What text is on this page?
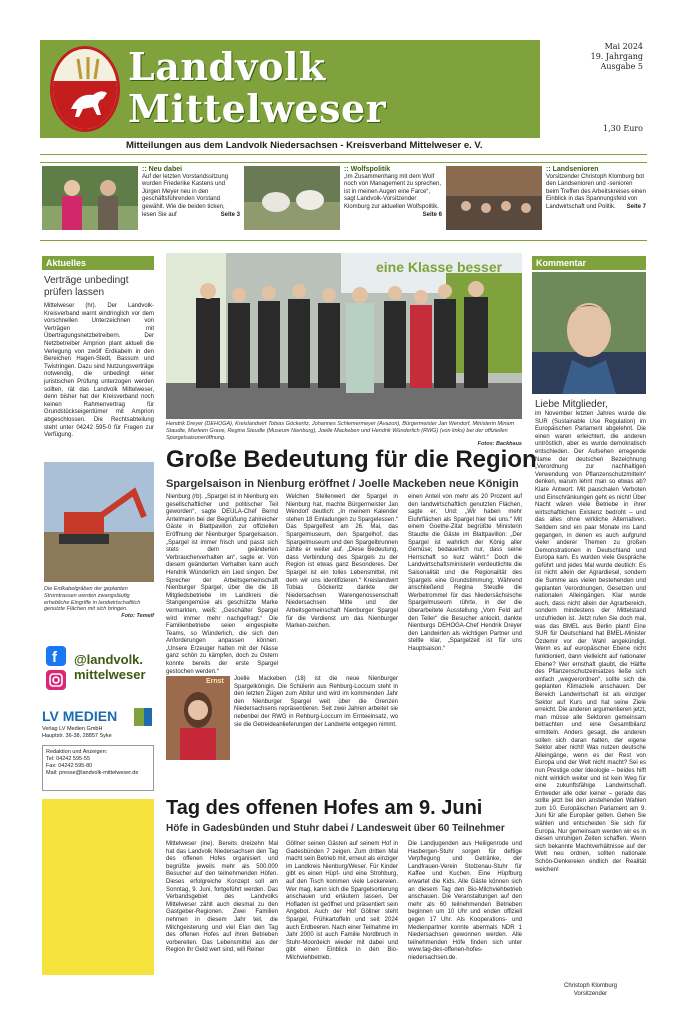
Landvolk
Mittelweser
Mai 2024
19. Jahrgang
Ausgabe 5
1,30 Euro
Mitteilungen aus dem Landvolk Niedersachsen - Kreisverband Mittelweser e. V.
:: Neu dabei
Auf der letzten Vorstandssitzung wurden Friederike Kastens und Jürgen Meyer neu in den geschäftsführenden Vorstand gewählt. Wie die beiden ticken, lesen Sie auf	Seite 3
:: Wolfspolitik
„Im Zusammenhang mit dem Wolf noch von Management zu sprechen, ist in meinen Augen eine Farce“, sagt Landvolk-Vorsitzender Klomburg zur aktuellen Wolfspolitik.
Seite 6
:: Landsenioren
Vorsitzender Christoph Klomburg bot den Landsenioren und -senioren beim Treffen des Arbeitskreises einen Einblick in das Spannungsfeld von Landwirtschaft und Politik. Seite 7
Aktuelles
Verträge unbedingt prüfen lassen
Mittelweser (hr). Der Landvolk-Kreisverband warnt eindringlich vor dem vorschnellen Unterzeichnen von Verträgen mit Übertragungsnetzbetreibern. Der Netzbetreiber Amprion plant aktuell die Verlegung von zwölf Erdkabeln in den Bereichen Hagen-Stedt, Bassum und Twistringen. Dazu sind Nutzungsverträge notwendig, die unbedingt einer juristischen Prüfung unterzogen werden sollten, rät das Landvolk Mittelweser, denn bisher hat der Kreisverband noch keinen Rahmenvertrag für Grundstückseigentümer mit Amprion abgeschlossen. Die Rechtsabteilung steht unter 04242 595-0 für Fragen zur Verfügung.
Die Erdkabelgräben der geplanten Stromtrassen werden zwangsläufig erhebliche Eingriffe in landwirtschaftlich genutzte Flächen mit sich bringen.
Foto: Temeif
f @landvolk.
mittelweser
LV MEDIEN
Verlag LV Medien GmbH
Hauptstr. 36-38, 28857 Syke
Redaktion und Anzeigen:
Tel: 04242 595-55
Fax: 04242 595-80
Mail: presse@landvolk-mittelweser.de
eine Klasse besser
Hendrik Dreyer (DEHOGA), Kreislandwirt Tobias Göckeritz, Johannes Schlemermeyer (Avazon), Bürgermeister Jan Wendorf, Ministerin Miriam Staudte, Marleen Grave, Regina Steudle (Museum Nienburg), Joelle Mackeben und Hendrik Wünderlich (RWG) (von links) bei der offiziellen Spargelsaisoneröffnung.
Fotos: Backhaus
Große Bedeutung für die Region
Spargelsaison in Nienburg eröffnet / Joelle Mackeben neue Königin
Nienburg (rb). „Spargel ist in Nienburg ein gesellschaftlicher und politischer Teil geworden“, sagte DEULA-Chef Bernd Antelmann bei der Begrüßung zahlreicher Gäste in Blattpavillon zur offiziellen Eröffnung der Nienburger Spargelsaison. „Spargel ist immer frisch und passt sich stets dem geänderten Verbraucherverhalten an“, sagte er. Von diesem geänderten Verhalten kann auch Hendrik Wünderlich ein Lied singen. Der Sprecher der Arbeitsgemeinschaft Nienburger Spargel, über die die 18 Mitgliedsbetriebe im Landkreis die Stangengemüse als geschützte Marke vermarkten, weiß: „Geschälter Spargel wird immer mehr nachgefragt.“ Die Familienbetriebe seien eingespielte Teams, so Wünderlich, die sich den Anforderungen anpassen können. „Unsere Erzeuger hatten mit der Nässe ganz schön zu kämpfen, doch zu Ostern konnte bereits der erste Spargel gestochen werden.“
Welchen Stellenwert der Spargel in Nienburg hat, machte Bürgermeister Jan Wendorf deutlich: „In meinem Kalender stehen 18 Einladungen zu Spargelessen.“ Das Spargelfest am 26. Mai, das Spargelmuseum, den Spargelhof, das Spargelmuseum und den Spargelbrunnen zählte er weiter auf. „Diese Bedeutung, dass Verbindung des Spargels zu der Region ist etwas ganz Besonderes. Der Spargel ist ein tolles Lebensmittel, mit dem wir uns identifizieren.“ Kreislandwirt Tobias Göckeritz dankte der Niedersachsen Warengenossenschaft Niedersachsen Mitte und der Arbeitsgemeinschaft Nienburger Spargel für die Verdienst um das Nienburger Marken-zeichen.
einen Anteil von mehr als 20 Prozent auf den landwirtschaftlich genutzten Flächen, sagte er. Und: „Wir haben mehr Eiuhrflächen als Spargel hier bei uns.“ Mit einem Goethe-Zitat begrüßte Ministerin Staudte die Gäste im Blattpavillon: „Der Spargel ist wahrlich der König aller Gemüse; bedauerlich nur, dass seine Herrschaft so kurz währt.“ Doch die Landwirtschaftsministerin verdeutlichte die Saisonalität und die Regionalität des Spargels eine Grundstimmung. Während anschließend Regina Steudle die Werbetrommel für das Niedersächsische Spargelmuseum rührte, in der die überarbeitete Ausstellung „Vom Feld auf den Teller“ die Besucher anlockt, dankte Nienburgs DEHOGA-Chef Hendrik Dreyer den Landwirten als wichtigen Partner und stellte klar, „Spargelzeit ist für uns Hauptsaison.“
Ernst Joelle Mackeben (18) ist die neue Nienburger Spargelkönigin. Die Schülerin aus Rehburg-Loccum steht in den letzten Zügen zum Abitur und wird im kommenden Jahr den Nienburger Spargel weit über die Grenzen Niedersachsens repräsentieren. Seit zwei Jahren arbeitet sie nebenbei der RWG in Rehburg-Loccum im Ernteeinsatz, wo sie die Getreideanlieferungen der Landwirte entgegen nimmt.
Tag des offenen Hofes am 9. Juni
Höfe in Gadesbünden und Stuhr dabei / Landesweit über 60 Teilnehmer
Mittelweser (ine). Bereits dreizehn Mal hat das Landvolk Niedersachsen den Tag des offenen Hofes organisiert und begrüßte jeweils mehr als 500.000 Besucher auf den teilnehmenden Höfen. Dieses erfolgreiche Konzept soll am Sonntag, 9. Juni, fortgeführt werden. Das Verbandsgebiet des Landvolks Mittelweser zählt auch diesmal zu den Gastgeber-Regionen. Zwei Familien nehmen in diesem Jahr teil, die Milchgeisterung und viel Elan den Tag des offenen Hofes auf ihren Betrieben vorbereiten. Das Lebensmittel aus der Region ihr Geld wert sind, will Reiner
Göllner seinen Gästen auf seinem Hof in Gadesbünden 7 zeigen. Zum dritten Mal macht sein Betrieb mit, erneut als einziger im Landkreis Nienburg/Weser. Für Kinder gibt es einen Hüpf- und eine Strohburg, auf den Tisch kommen viele Leckereien. Wer mag, kann sich die Spargelsortierung anschauen und erläutern lassen. Der Hofladen ist geöffnet und präsentiert sein Angebot. Auch der Hof Göllner steht Spargel, Frühkartoffeln und seit 2024 auch Erdbeeren. Nach einer Teilnahme im Jahr 2000 ist auch Familie Nordbruch in Stuhr-Moordeich wieder mit dabei und gibt einen Einblick in den Bio-Milchviehbetrieb.
Die Landjugenden aus Heiligenrode und Hasbergen-Stuhr sorgen für deftige Verpflegung und Getränke, der Landfrauen-Verein Stolzenau-Stuhr für Kaffee und Kuchen. Eine Hüpfburg erwartet die Kids. Alle Gäste können sich an diesem Tag den Bio-Milchviehbetrieb anschauen. Die Veranstaltungen auf den mehr als 60 teilnehmenden Betrieben beginnen um 10 Uhr und enden offiziell gegen 17 Uhr. Als Kooperations- und Medienpartner konnte abermals NDR 1 Niedersachsen gewonnen werden. Alle teilnehmenden Höfe finden sich unter www.tag-des-offenen-hofes-niedersachsen.de.
Kommentar
Liebe Mitglieder,
im November letzten Jahres wurde die SUR (Sustainable Use Regulation) im Europäischen Parlament abgelehnt. Die einen waren erleichtert, die anderen untröstlich, aber es wurde demokratisch entschieden. Der Aufsehen erregende Name der deutschen Bezeichnung „Verordnung zur nachhaltigen Verwendung von Pflanzenschutzmitteln“ denken, warum lehnt man so etwas ab? Klare Antwort: Mit pauschalen Verboten und Einschränkungen geht es nicht! Über Nacht wären viele Betriebe in ihrer wirtschaftlichen Existenz bedroht – und das alles ohne wirkliche Alternativen. Seitdem sind ein paar Monate ins Land gegangen, in denen es auch aufgrund vieler anderer Themen zu großen Demonstrationen in Deutschland und Europa kam. Es wurden viele Gespräche geführt und jedes Mal wurde deutlich: Es ist nicht allein der Agrardiesel, sondern die Summe aus vielen bestehenden und geplanten Verordnungen, Gesetzen und nationalen Alleingängen. Klar wurde auch, dass nicht allein der Agrarbereich, sondern mindestens der Mittelstand unzufrieden ist. Jetzt rufen Sie doch mal, was das BMEL aus Berlin plant! Eine SUR für Deutschland hat BMEL-Minister Özdemir vor der Wahl angekündigt. Wenn es auf europäischer Ebene nicht funktioniert, dann vielleicht auf nationaler Ebene? Wer ernsthaft glaubt, die Hälfte des Pflanzenschutzeinsatzes ließe sich einfach „wegverordnen“, sollte sich die geplanten Klimaziele anschauen. Der Bereich Landwirtschaft ist als einziger Sektor auf Kurs und hat seine Ziele erreicht. Die anderen argumentieren jetzt, man müsse alle Sektoren gemeinsam betrachten und eine Gesamtbilanz ermitteln. Anders gesagt, die anderen sollen sich daran halten, der eigene Sektor aber nicht! Was nutzen deutsche Alleingänge, wenn es der Rest von Europa und der Welt nicht macht? Sei es nun Prestige oder Ideologie – beides hilft nicht wirklich weiter und ist kein Weg für eine zukunftsfähige Landwirtschaft. Entweder alle oder keiner – gerade das sollte jetzt bei den anstehenden Wahlen zum 10. Europäischen Parlament am 9. Juni für alle Europäer gelten. Gehen Sie wählen und entscheiden Sie sich für Europa. Nur gemeinsam werden wir es in diesen unruhigen Zeiten schaffen. Wenn sich bekannte Machtverhältnisse auf der Welt neu ordnen, sollten nationale Schön-Denkereien endlich der Realität weichen!
Christoph Klomburg
Vorsitzender
